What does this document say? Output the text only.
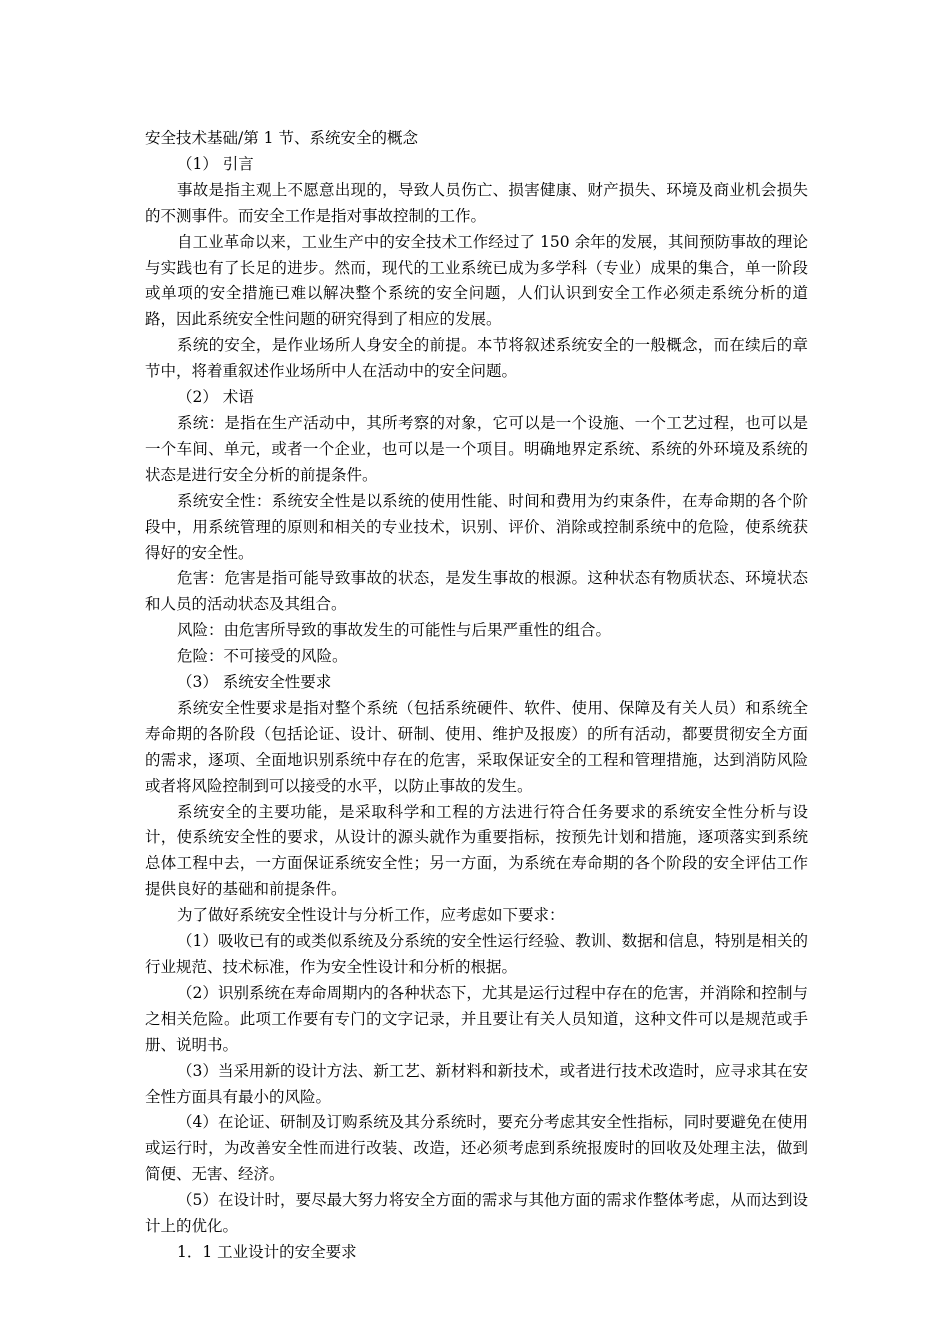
安全技术基础/第 1 节、系统安全的概念

（1） 引言

事故是指主观上不愿意出现的，导致人员伤亡、损害健康、财产损失、环境及商业机会损失的不测事件。而安全工作是指对事故控制的工作。

自工业革命以来，工业生产中的安全技术工作经过了 150 余年的发展，其间预防事故的理论与实践也有了长足的进步。然而，现代的工业系统已成为多学科（专业）成果的集合，单一阶段或单项的安全措施已难以解决整个系统的安全问题，人们认识到安全工作必须走系统分析的道路，因此系统安全性问题的研究得到了相应的发展。

系统的安全，是作业场所人身安全的前提。本节将叙述系统安全的一般概念，而在续后的章节中，将着重叙述作业场所中人在活动中的安全问题。

（2） 术语

系统：是指在生产活动中，其所考察的对象，它可以是一个设施、一个工艺过程，也可以是一个车间、单元，或者一个企业，也可以是一个项目。明确地界定系统、系统的外环境及系统的状态是进行安全分析的前提条件。

系统安全性：系统安全性是以系统的使用性能、时间和费用为约束条件，在寿命期的各个阶段中，用系统管理的原则和相关的专业技术，识别、评价、消除或控制系统中的危险，使系统获得好的安全性。

危害：危害是指可能导致事故的状态，是发生事故的根源。这种状态有物质状态、环境状态和人员的活动状态及其组合。

风险：由危害所导致的事故发生的可能性与后果严重性的组合。

危险：不可接受的风险。

（3） 系统安全性要求

系统安全性要求是指对整个系统（包括系统硬件、软件、使用、保障及有关人员）和系统全寿命期的各阶段（包括论证、设计、研制、使用、维护及报废）的所有活动，都要贯彻安全方面的需求，逐项、全面地识别系统中存在的危害，采取保证安全的工程和管理措施，达到消防风险或者将风险控制到可以接受的水平，以防止事故的发生。

系统安全的主要功能，是采取科学和工程的方法进行符合任务要求的系统安全性分析与设计，使系统安全性的要求，从设计的源头就作为重要指标，按预先计划和措施，逐项落实到系统总体工程中去，一方面保证系统安全性；另一方面，为系统在寿命期的各个阶段的安全评估工作提供良好的基础和前提条件。

为了做好系统安全性设计与分析工作，应考虑如下要求：

（1）吸收已有的或类似系统及分系统的安全性运行经验、教训、数据和信息，特别是相关的行业规范、技术标准，作为安全性设计和分析的根据。

（2）识别系统在寿命周期内的各种状态下，尤其是运行过程中存在的危害，并消除和控制与之相关危险。此项工作要有专门的文字记录，并且要让有关人员知道，这种文件可以是规范或手册、说明书。

（3）当采用新的设计方法、新工艺、新材料和新技术，或者进行技术改造时，应寻求其在安全性方面具有最小的风险。

（4）在论证、研制及订购系统及其分系统时，要充分考虑其安全性指标，同时要避免在使用或运行时，为改善安全性而进行改装、改造，还必须考虑到系统报废时的回收及处理主法，做到简便、无害、经济。

（5）在设计时，要尽最大努力将安全方面的需求与其他方面的需求作整体考虑，从而达到设计上的优化。

1．1 工业设计的安全要求
